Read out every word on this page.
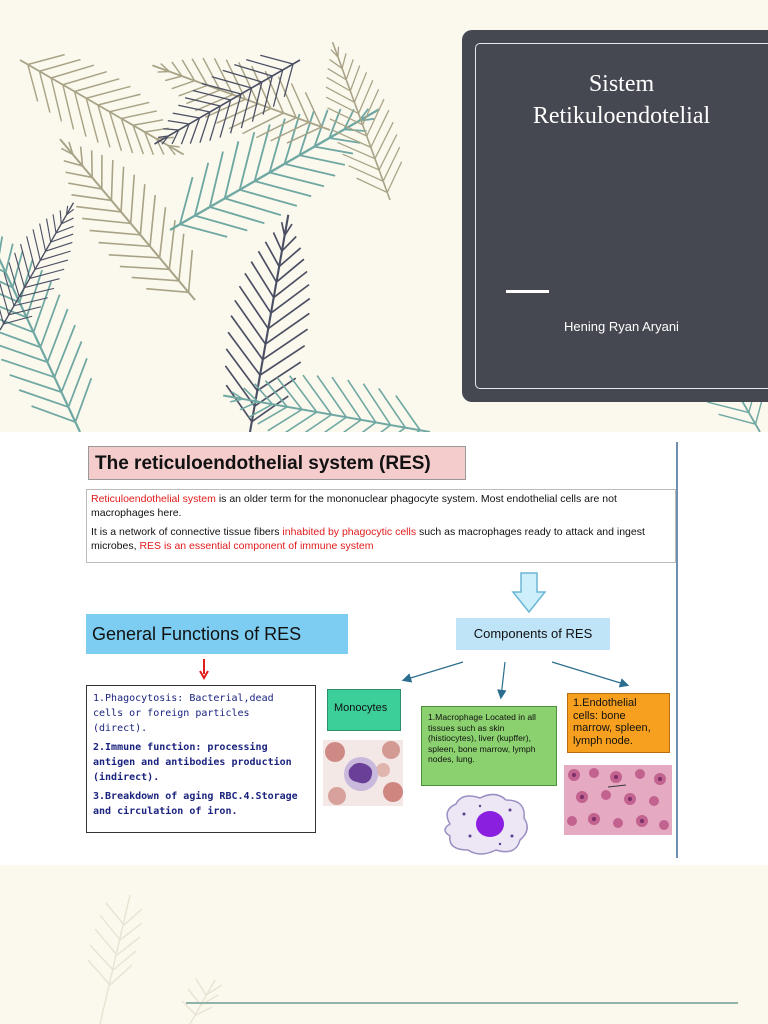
Sistem
Retikuloendotelial
Hening Ryan Aryani
The reticuloendothelial system (RES)

Reticuloendothelial system is an older term for the mononuclear phagocyte system. Most endothelial cells are not macrophages here.

It is a network of connective tissue fibers inhabited by phagocytic cells such as macrophages ready to attack and ingest microbes, RES is an essential component of immune system

Components of RES
General Functions of RES

1.Phagocytosis: Bacterial,dead cells or foreign particles (direct).

2.Immune function: processing antigen and antibodies production (indirect).

3.Breakdown of aging RBC.4.Storage and circulation of iron.

Monocytes
1.Macrophage Located in all tissues such as skin (histiocytes), liver (kupffer), spleen, bone marrow, lymph nodes, lung.
1.Endothelial cells: bone marrow, spleen, lymph node.
